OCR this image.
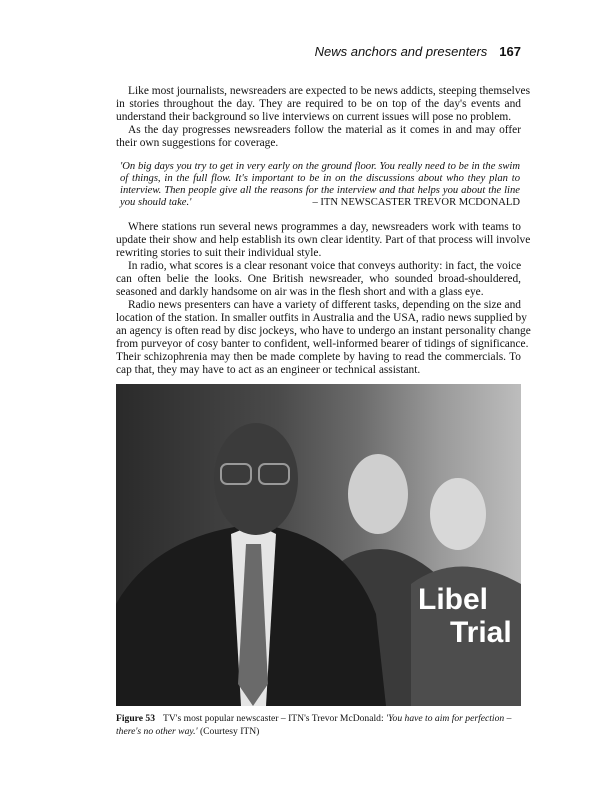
News anchors and presenters 167
Like most journalists, newsreaders are expected to be news addicts, steeping themselves
in stories throughout the day. They are required to be on top of the day's events and
understand their background so live interviews on current issues will pose no problem.
As the day progresses newsreaders follow the material as it comes in and may offer
their own suggestions for coverage.
'On big days you try to get in very early on the ground floor. You really need to be in the swim
of things, in the full flow. It's important to be in on the discussions about who they plan to
interview. Then people give all the reasons for the interview and that helps you about the line
you should take.'	– ITN NEWSCASTER TREVOR MCDONALD
Where stations run several news programmes a day, newsreaders work with teams to
update their show and help establish its own clear identity. Part of that process will involve
rewriting stories to suit their individual style.
In radio, what scores is a clear resonant voice that conveys authority: in fact, the voice
can often belie the looks. One British newsreader, who sounded broad-shouldered,
seasoned and darkly handsome on air was in the flesh short and with a glass eye.
Radio news presenters can have a variety of different tasks, depending on the size and
location of the station. In smaller outfits in Australia and the USA, radio news supplied by
an agency is often read by disc jockeys, who have to undergo an instant personality change
from purveyor of cosy banter to confident, well-informed bearer of tidings of significance.
Their schizophrenia may then be made complete by having to read the commercials. To
cap that, they may have to act as an engineer or technical assistant.
Libel
Trial
Figure 53 TV's most popular newscaster – ITN's Trevor McDonald: 'You have to aim for perfection – there's no other way.' (Courtesy ITN)
